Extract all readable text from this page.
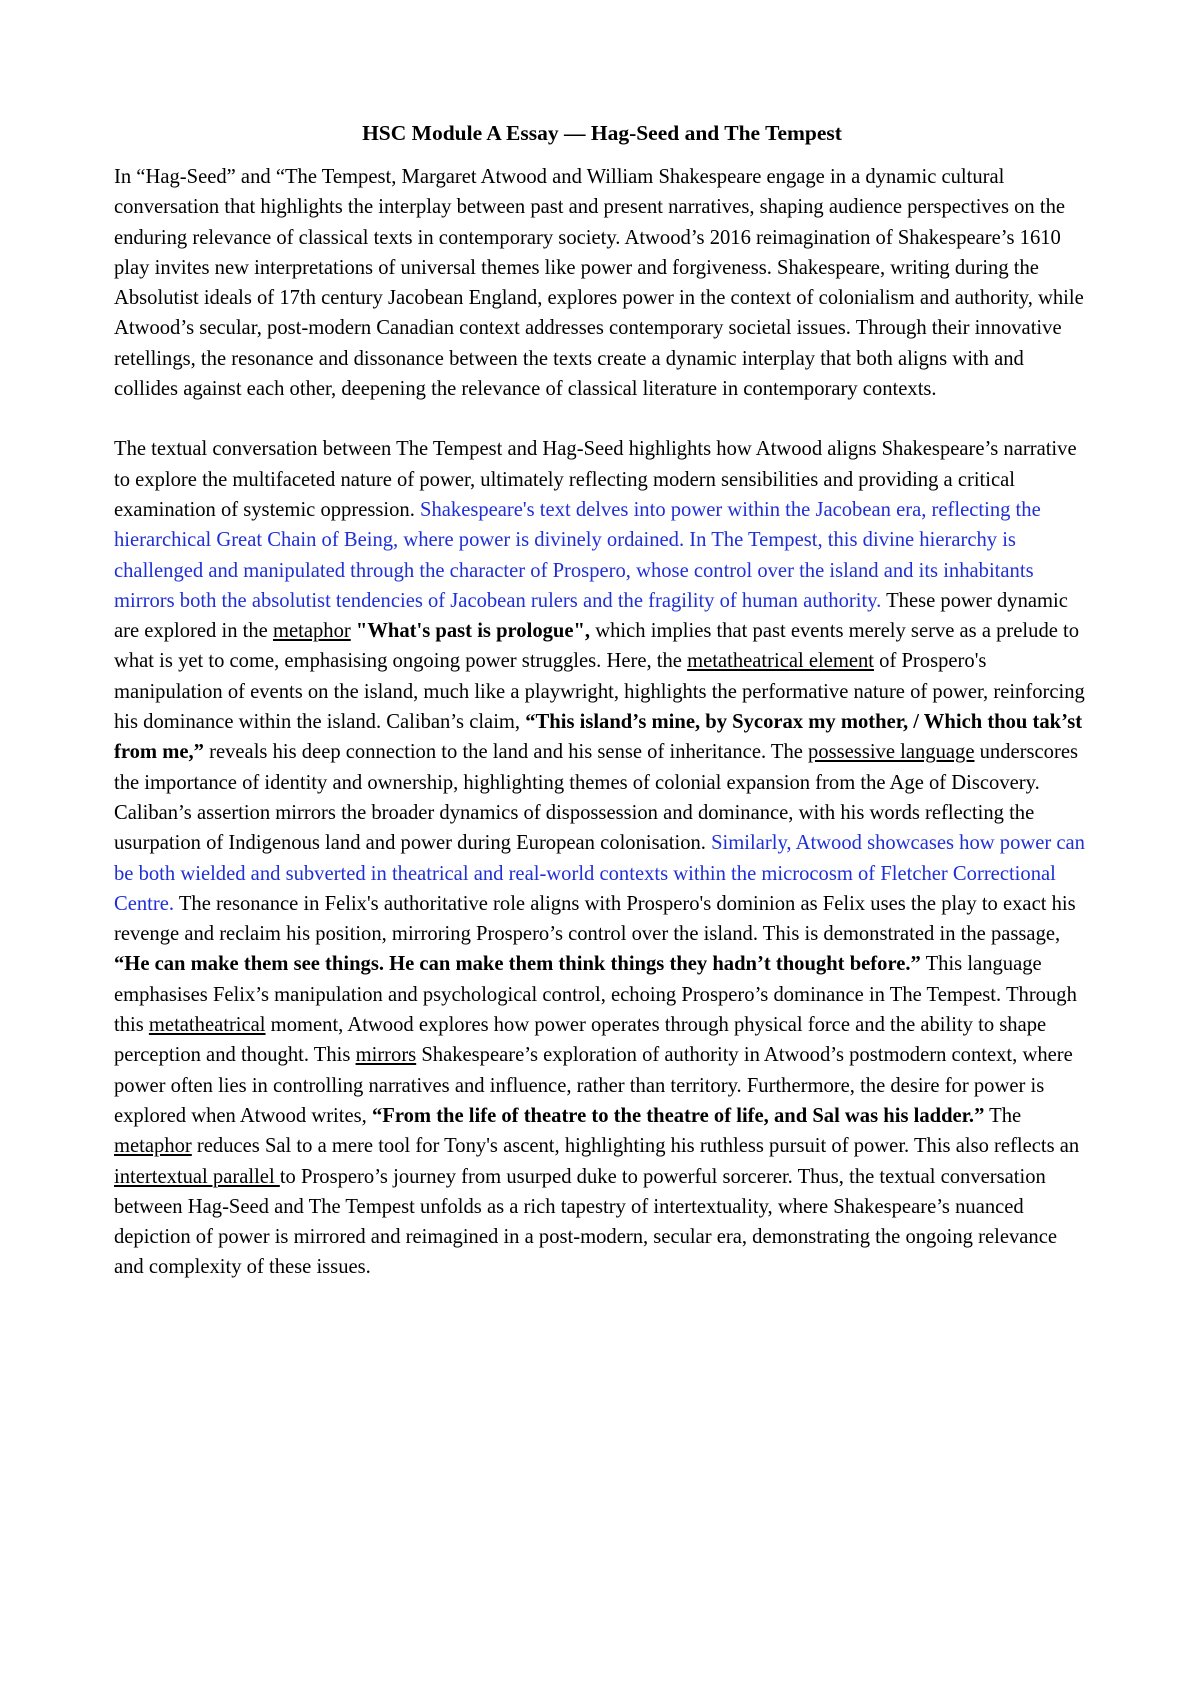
HSC Module A Essay — Hag-Seed and The Tempest

In “Hag-Seed” and “The Tempest, Margaret Atwood and William Shakespeare engage in a dynamic cultural conversation that highlights the interplay between past and present narratives, shaping audience perspectives on the enduring relevance of classical texts in contemporary society. Atwood’s 2016 reimagination of Shakespeare’s 1610 play invites new interpretations of universal themes like power and forgiveness. Shakespeare, writing during the Absolutist ideals of 17th century Jacobean England, explores power in the context of colonialism and authority, while Atwood’s secular, post-modern Canadian context addresses contemporary societal issues. Through their innovative retellings, the resonance and dissonance between the texts create a dynamic interplay that both aligns with and collides against each other, deepening the relevance of classical literature in contemporary contexts.

The textual conversation between The Tempest and Hag-Seed highlights how Atwood aligns Shakespeare’s narrative to explore the multifaceted nature of power, ultimately reflecting modern sensibilities and providing a critical examination of systemic oppression. Shakespeare's text delves into power within the Jacobean era, reflecting the hierarchical Great Chain of Being, where power is divinely ordained. In The Tempest, this divine hierarchy is challenged and manipulated through the character of Prospero, whose control over the island and its inhabitants mirrors both the absolutist tendencies of Jacobean rulers and the fragility of human authority. These power dynamic are explored in the metaphor "What's past is prologue", which implies that past events merely serve as a prelude to what is yet to come, emphasising ongoing power struggles. Here, the metatheatrical element of Prospero's manipulation of events on the island, much like a playwright, highlights the performative nature of power, reinforcing his dominance within the island. Caliban’s claim, “This island’s mine, by Sycorax my mother, / Which thou tak’st from me,” reveals his deep connection to the land and his sense of inheritance. The possessive language underscores the importance of identity and ownership, highlighting themes of colonial expansion from the Age of Discovery. Caliban’s assertion mirrors the broader dynamics of dispossession and dominance, with his words reflecting the usurpation of Indigenous land and power during European colonisation. Similarly, Atwood showcases how power can be both wielded and subverted in theatrical and real-world contexts within the microcosm of Fletcher Correctional Centre. The resonance in Felix's authoritative role aligns with Prospero's dominion as Felix uses the play to exact his revenge and reclaim his position, mirroring Prospero’s control over the island. This is demonstrated in the passage, “He can make them see things. He can make them think things they hadn’t thought before.” This language emphasises Felix’s manipulation and psychological control, echoing Prospero’s dominance in The Tempest. Through this metatheatrical moment, Atwood explores how power operates through physical force and the ability to shape perception and thought. This mirrors Shakespeare’s exploration of authority in Atwood’s postmodern context, where power often lies in controlling narratives and influence, rather than territory. Furthermore, the desire for power is explored when Atwood writes, “From the life of theatre to the theatre of life, and Sal was his ladder.” The metaphor reduces Sal to a mere tool for Tony's ascent, highlighting his ruthless pursuit of power. This also reflects an intertextual parallel to Prospero’s journey from usurped duke to powerful sorcerer. Thus, the textual conversation between Hag-Seed and The Tempest unfolds as a rich tapestry of intertextuality, where Shakespeare’s nuanced depiction of power is mirrored and reimagined in a post-modern, secular era, demonstrating the ongoing relevance and complexity of these issues.
